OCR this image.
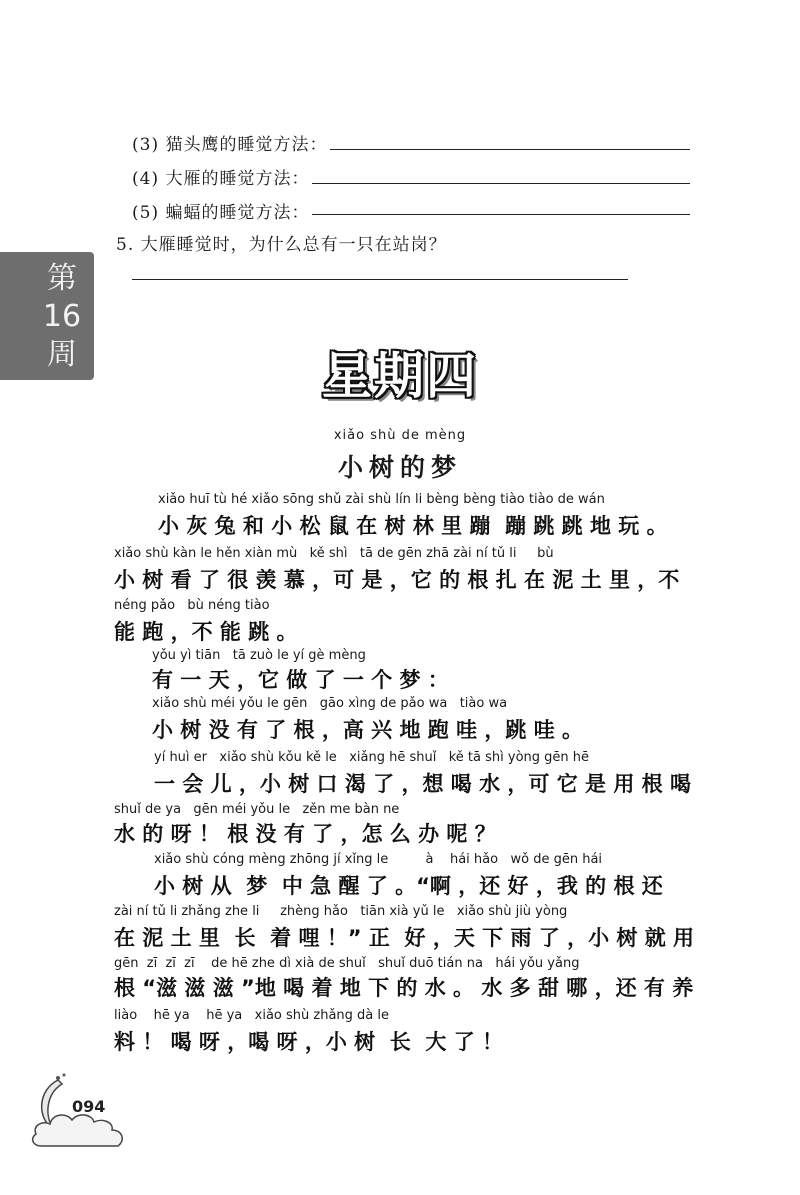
(3) 猫头鹰的睡觉方法：
(4) 大雁的睡觉方法：
(5) 蝙蝠的睡觉方法：
5. 大雁睡觉时，为什么总有一只在站岗？
第
16
周	星期四
xiǎo shù de mèng
小树的梦
xiǎo huī tù hé xiǎo sōng shǔ zài shù lín li bèng bèng tiào tiào de wán
小 灰 兔 和 小 松 鼠 在 树 林 里 蹦  蹦 跳 跳 地 玩 。
xiǎo shù kàn le hěn xiàn mù   kě shì   tā de gēn zhā zài ní tǔ li     bù
小 树 看 了 很 羡 慕 ，可 是 ，它 的 根 扎 在 泥 土 里 ，不
néng pǎo   bù néng tiào
能 跑 ，不 能 跳 。
yǒu yì tiān   tā zuò le yí gè mèng
有 一 天 ，它 做 了 一 个 梦 ：
xiǎo shù méi yǒu le gēn   gāo xìng de pǎo wa   tiào wa
小 树 没 有 了 根 ，高 兴 地 跑 哇 ，跳 哇 。
yí huì er   xiǎo shù kǒu kě le   xiǎng hē shuǐ   kě tā shì yòng gēn hē
一 会 儿 ，小 树 口 渴 了 ，想 喝 水 ，可 它 是 用 根 喝
shuǐ de ya   gēn méi yǒu le   zěn me bàn ne
水 的 呀 ！ 根 没 有 了 ，怎 么 办 呢 ？
xiǎo shù cóng mèng zhōng jí xǐng le         à    hái hǎo   wǒ de gēn hái
小 树 从  梦  中 急 醒 了 。“啊 ，还 好 ，我 的 根 还
zài ní tǔ li zhǎng zhe li     zhèng hǎo   tiān xià yǔ le   xiǎo shù jiù yòng
在 泥 土 里  长  着 哩 ！” 正  好 ，天 下 雨 了 ，小 树 就 用
gēn  zī  zī  zī    de hē zhe dì xià de shuǐ   shuǐ duō tián na   hái yǒu yǎng
根 “滋 滋 滋 ”地 喝 着 地 下 的 水 。 水 多 甜 哪 ，还 有 养
liào    hē ya    hē ya   xiǎo shù zhǎng dà le
料 ！ 喝 呀 ，喝 呀 ，小 树  长  大 了 ！
094
